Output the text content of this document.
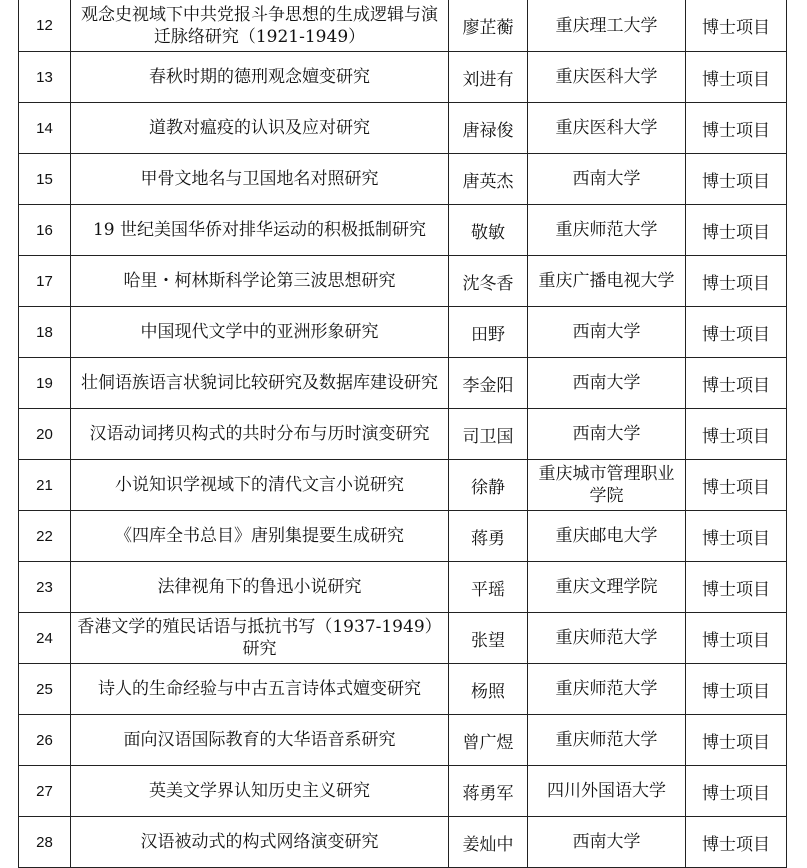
12	观念史视域下中共党报斗争思想的生成逻辑与演迁脉络研究（1921-1949）	廖芷蘅	重庆理工大学	博士项目
13	春秋时期的德刑观念嬗变研究	刘进有	重庆医科大学	博士项目
14	道教对瘟疫的认识及应对研究	唐禄俊	重庆医科大学	博士项目
15	甲骨文地名与卫国地名对照研究	唐英杰	西南大学	博士项目
16	19 世纪美国华侨对排华运动的积极抵制研究	敬敏	重庆师范大学	博士项目
17	哈里・柯林斯科学论第三波思想研究	沈冬香	重庆广播电视大学	博士项目
18	中国现代文学中的亚洲形象研究	田野	西南大学	博士项目
19	壮侗语族语言状貌词比较研究及数据库建设研究	李金阳	西南大学	博士项目
20	汉语动词拷贝构式的共时分布与历时演变研究	司卫国	西南大学	博士项目
21	小说知识学视域下的清代文言小说研究	徐静	重庆城市管理职业学院	博士项目
22	《四库全书总目》唐别集提要生成研究	蒋勇	重庆邮电大学	博士项目
23	法律视角下的鲁迅小说研究	平瑶	重庆文理学院	博士项目
24	香港文学的殖民话语与抵抗书写（1937-1949）研究	张望	重庆师范大学	博士项目
25	诗人的生命经验与中古五言诗体式嬗变研究	杨照	重庆师范大学	博士项目
26	面向汉语国际教育的大华语音系研究	曾广煜	重庆师范大学	博士项目
27	英美文学界认知历史主义研究	蒋勇军	四川外国语大学	博士项目
28	汉语被动式的构式网络演变研究	姜灿中	西南大学	博士项目
